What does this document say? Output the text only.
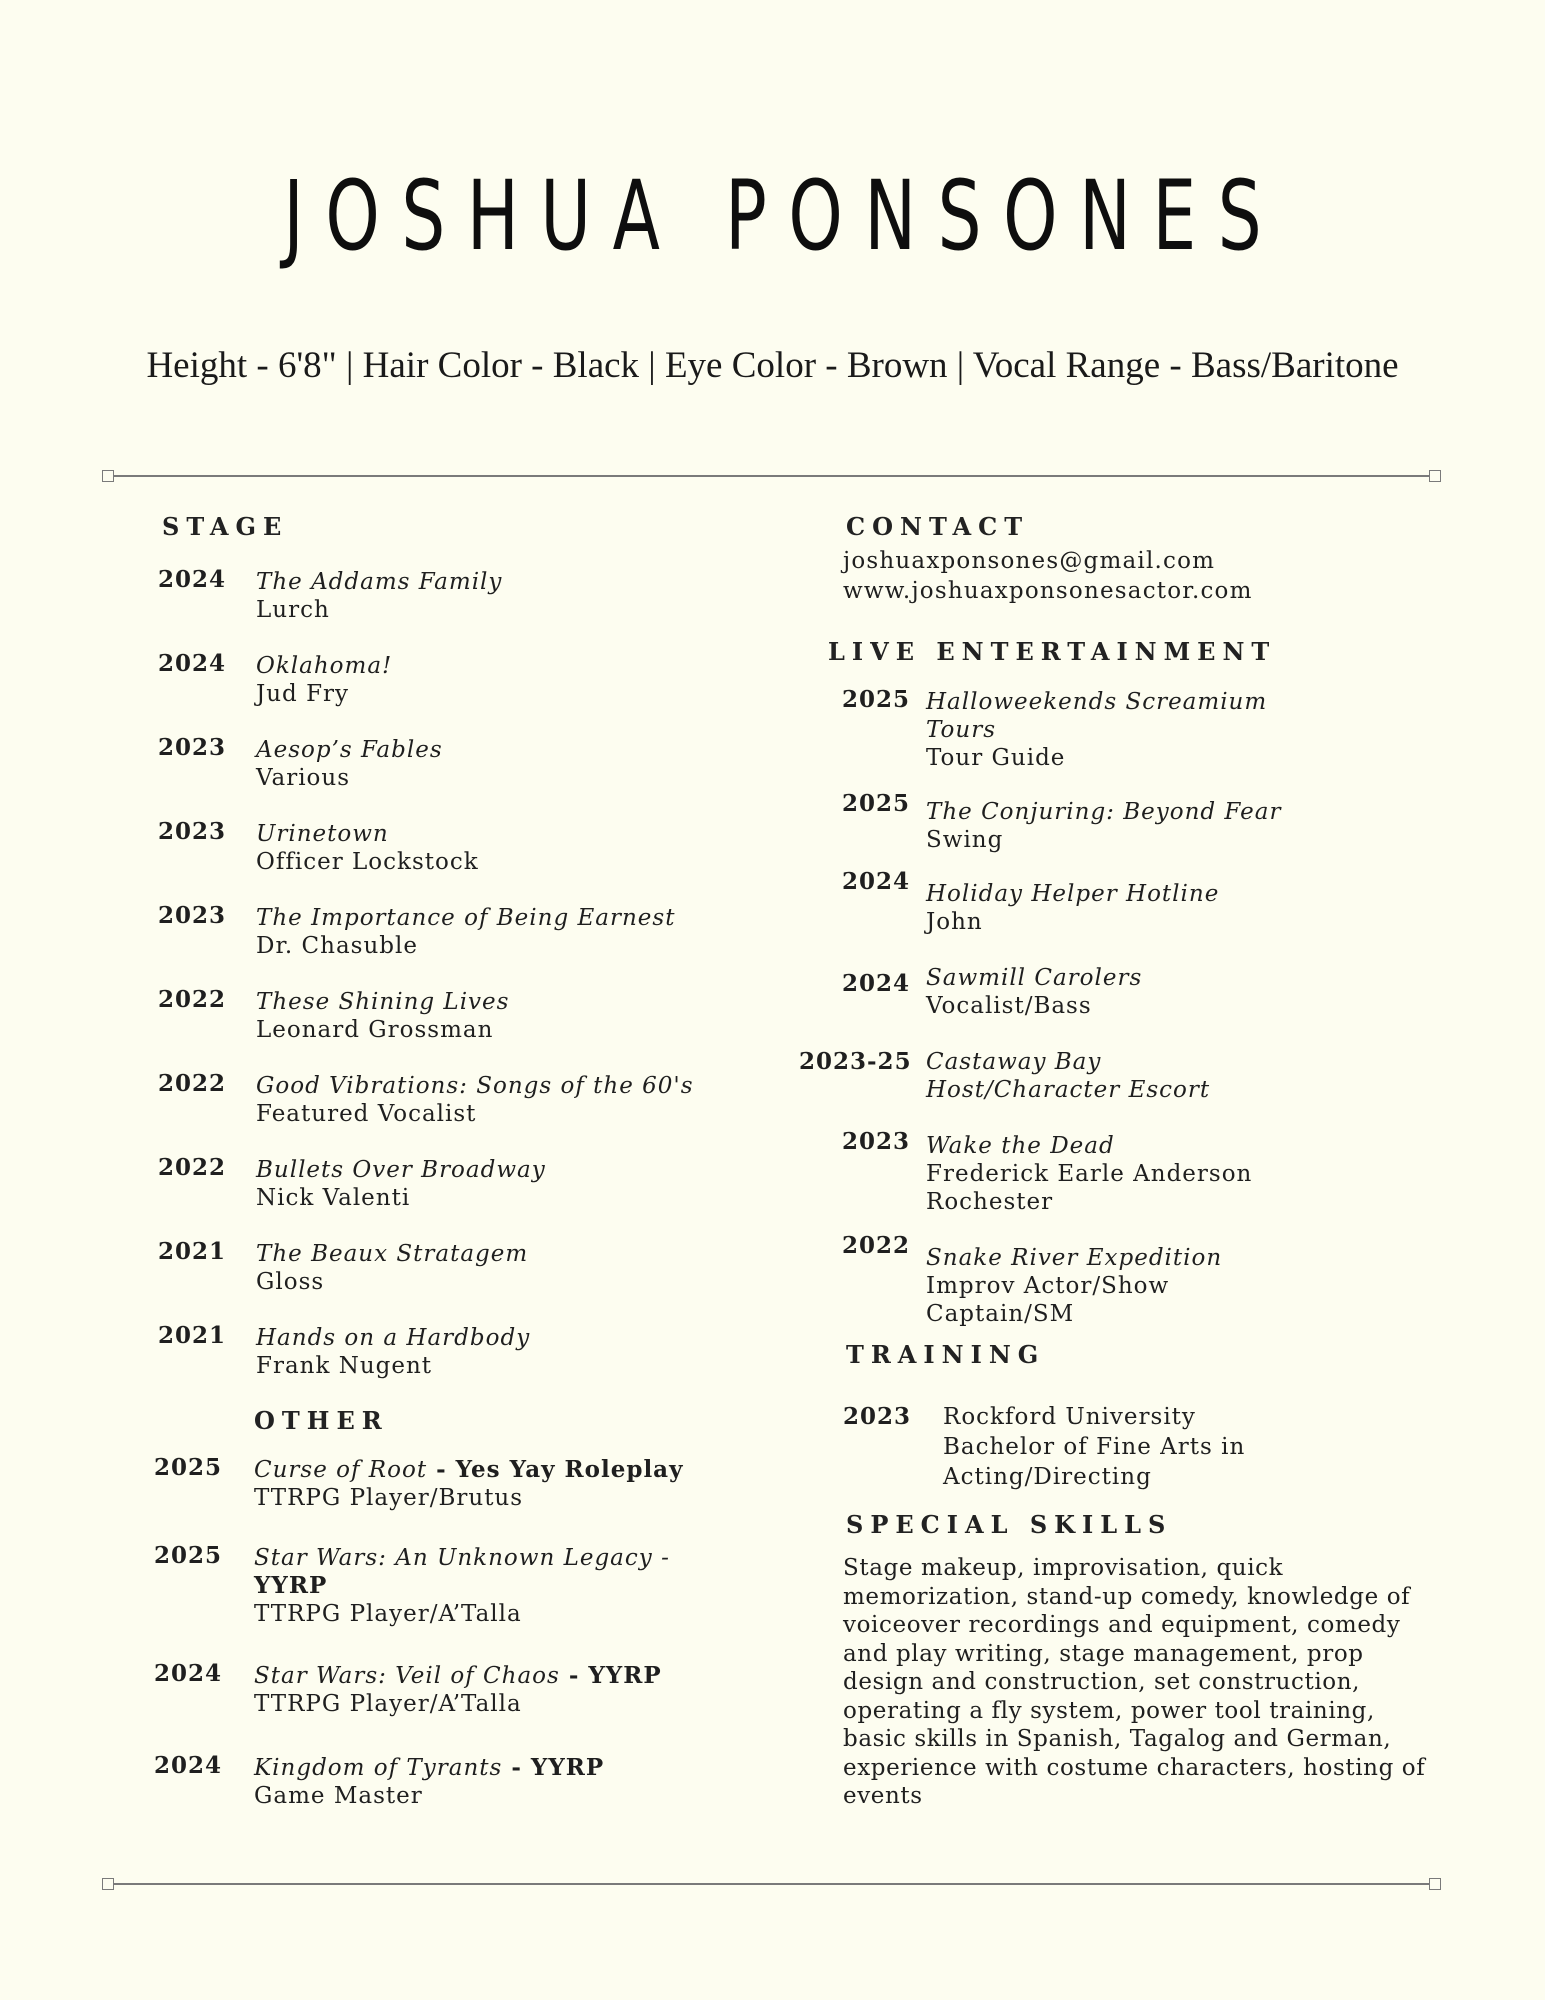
JOSHUA PONSONES
Height - 6'8" | Hair Color - Black | Eye Color - Brown | Vocal Range - Bass/Baritone
STAGE
2024 The Addams Family
Lurch
2024 Oklahoma!
Jud Fry
2023 Aesop’s Fables
Various
2023 Urinetown
Officer Lockstock
2023 The Importance of Being Earnest
Dr. Chasuble
2022 These Shining Lives
Leonard Grossman
2022 Good Vibrations: Songs of the 60's
Featured Vocalist
2022 Bullets Over Broadway
Nick Valenti
2021 The Beaux Stratagem
Gloss
2021 Hands on a Hardbody
Frank Nugent
OTHER
2025 Curse of Root - Yes Yay Roleplay
TTRPG Player/Brutus
2025 Star Wars: An Unknown Legacy -
YYRP
TTRPG Player/A’Talla
2024 Star Wars: Veil of Chaos - YYRP
TTRPG Player/A’Talla
2024 Kingdom of Tyrants - YYRP
Game Master
CONTACT
joshuaxponsones@gmail.com
www.joshuaxponsonesactor.com
LIVE ENTERTAINMENT
2025 Halloweekends Screamium
Tours
Tour Guide
2025 The Conjuring: Beyond Fear
Swing
2024 Holiday Helper Hotline
John
2024 Sawmill Carolers
Vocalist/Bass
2023-25 Castaway Bay
Host/Character Escort
2023 Wake the Dead
Frederick Earle Anderson
Rochester
2022 Snake River Expedition
Improv Actor/Show
Captain/SM
TRAINING
2023 Rockford University
Bachelor of Fine Arts in
Acting/Directing
SPECIAL SKILLS
Stage makeup, improvisation, quick memorization, stand-up comedy, knowledge of voiceover recordings and equipment, comedy and play writing, stage management, prop design and construction, set construction, operating a fly system, power tool training, basic skills in Spanish, Tagalog and German, experience with costume characters, hosting of events
